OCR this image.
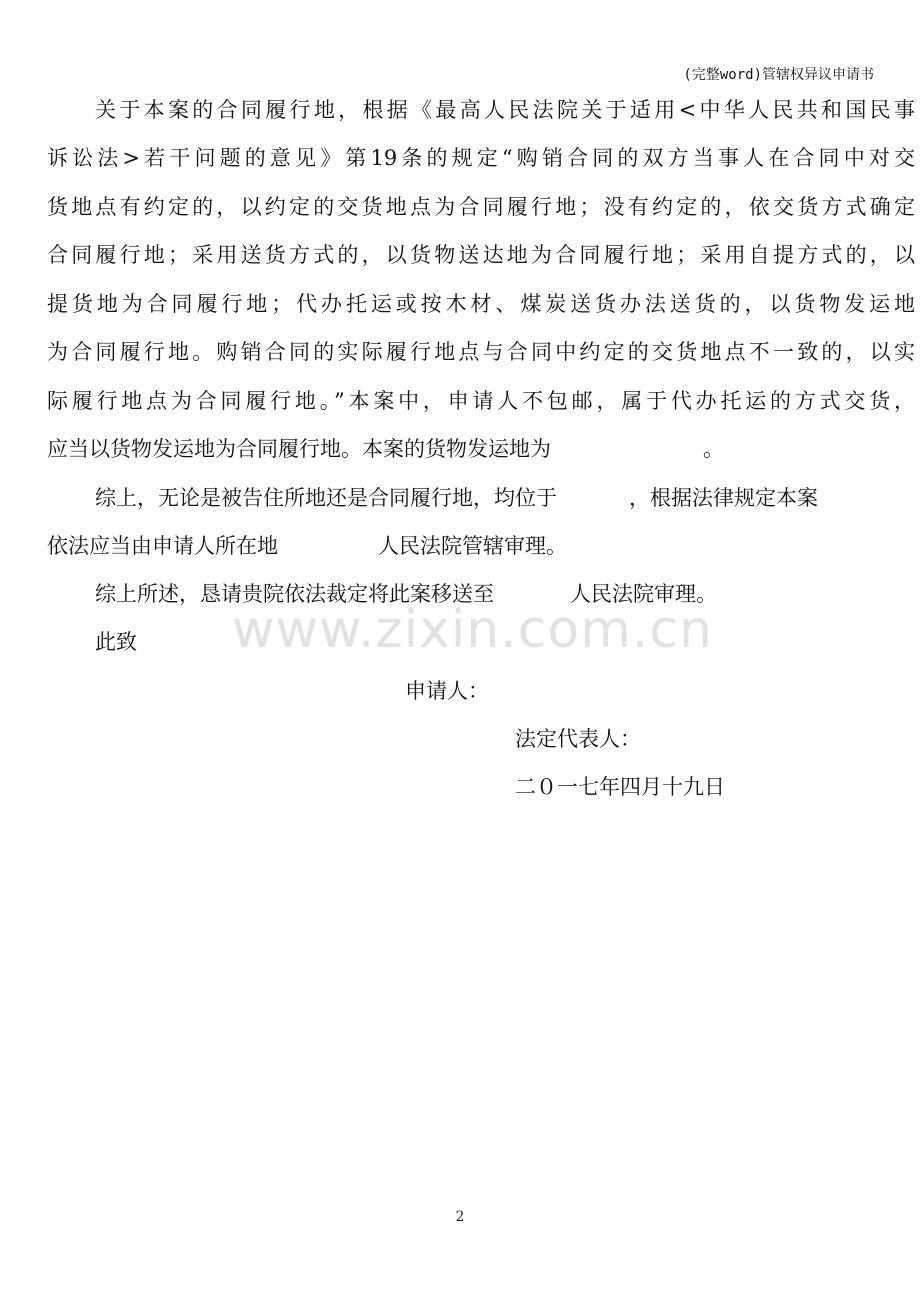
(完整word)管辖权异议申请书
关于本案的合同履行地，根据《最高人民法院关于适用<中华人民共和国民事
诉讼法>若干问题的意见》第19条的规定“购销合同的双方当事人在合同中对交
货地点有约定的，以约定的交货地点为合同履行地；没有约定的，依交货方式确定
合同履行地；采用送货方式的，以货物送达地为合同履行地；采用自提方式的，以
提货地为合同履行地；代办托运或按木材、煤炭送货办法送货的，以货物发运地
为合同履行地。购销合同的实际履行地点与合同中约定的交货地点不一致的，以实
际履行地点为合同履行地。”本案中，申请人不包邮，属于代办托运的方式交货，
应当以货物发运地为合同履行地。本案的货物发运地为	。
综上，无论是被告住所地还是合同履行地，均位于	，根据法律规定本案
依法应当由申请人所在地	人民法院管辖审理。
综上所述，恳请贵院依法裁定将此案移送至	人民法院审理。
此致 www.zixin.com.cn
申请人：
法定代表人：
二０一七年四月十九日
2
